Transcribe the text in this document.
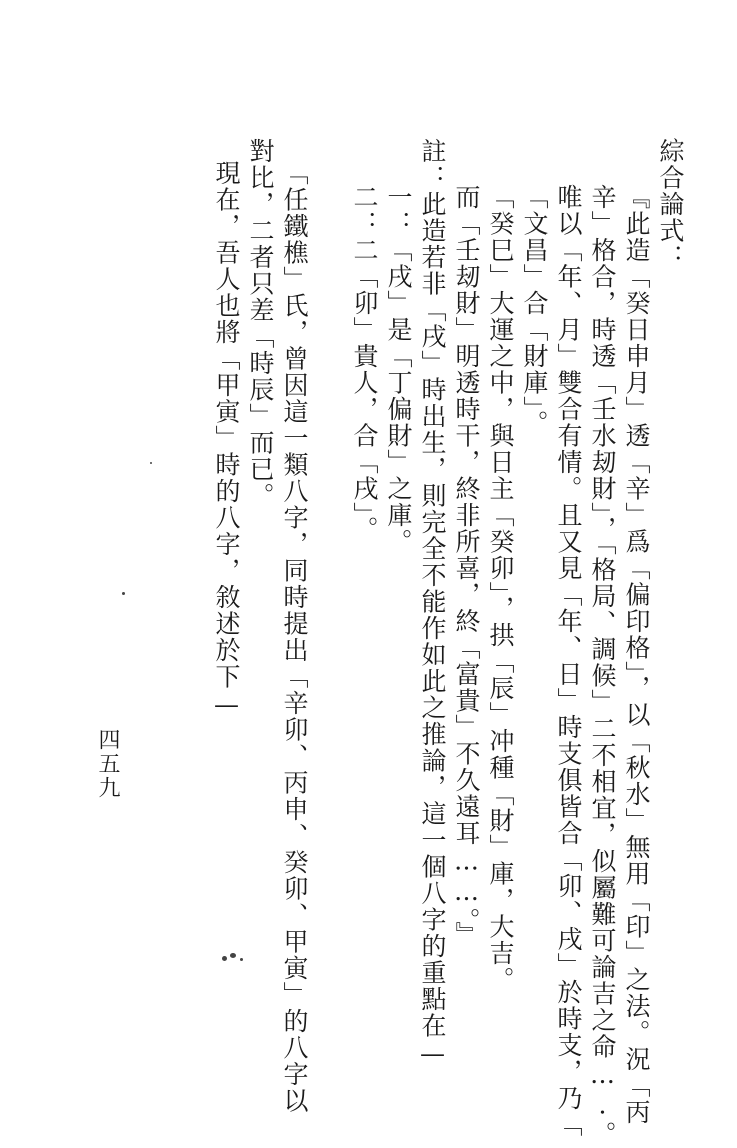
綜合論式：
『此造「癸日申月」透「辛」爲「偏印格」，以「秋水」無用「印」之法。況「丙
辛」格合，時透「壬水刼財」，「格局、調候」二不相宜，似屬難可論吉之命….。
唯以「年、月」雙合有情。且又見「年、日」時支俱皆合「卯、戌」於時支，乃「
「文昌」合「財庫」。
「癸巳」大運之中，與日主「癸卯」，拱「辰」冲種「財」庫，大吉。
而「壬刼財」明透時干，終非所喜，終「富貴」不久遠耳……。』
註：此造若非「戌」時出生，則完全不能作如此之推論，這一個八字的重點在—
一：「戌」是「丁偏財」之庫。
二：二「卯」貴人，合「戌」。
「任鐵樵」氏，曾因這一類八字，同時提出「辛卯、丙申、癸卯、甲寅」的八字以
對比，二者只差「時辰」而已。
現在，吾人也將「甲寅」時的八字，敘述於下—
四五九
